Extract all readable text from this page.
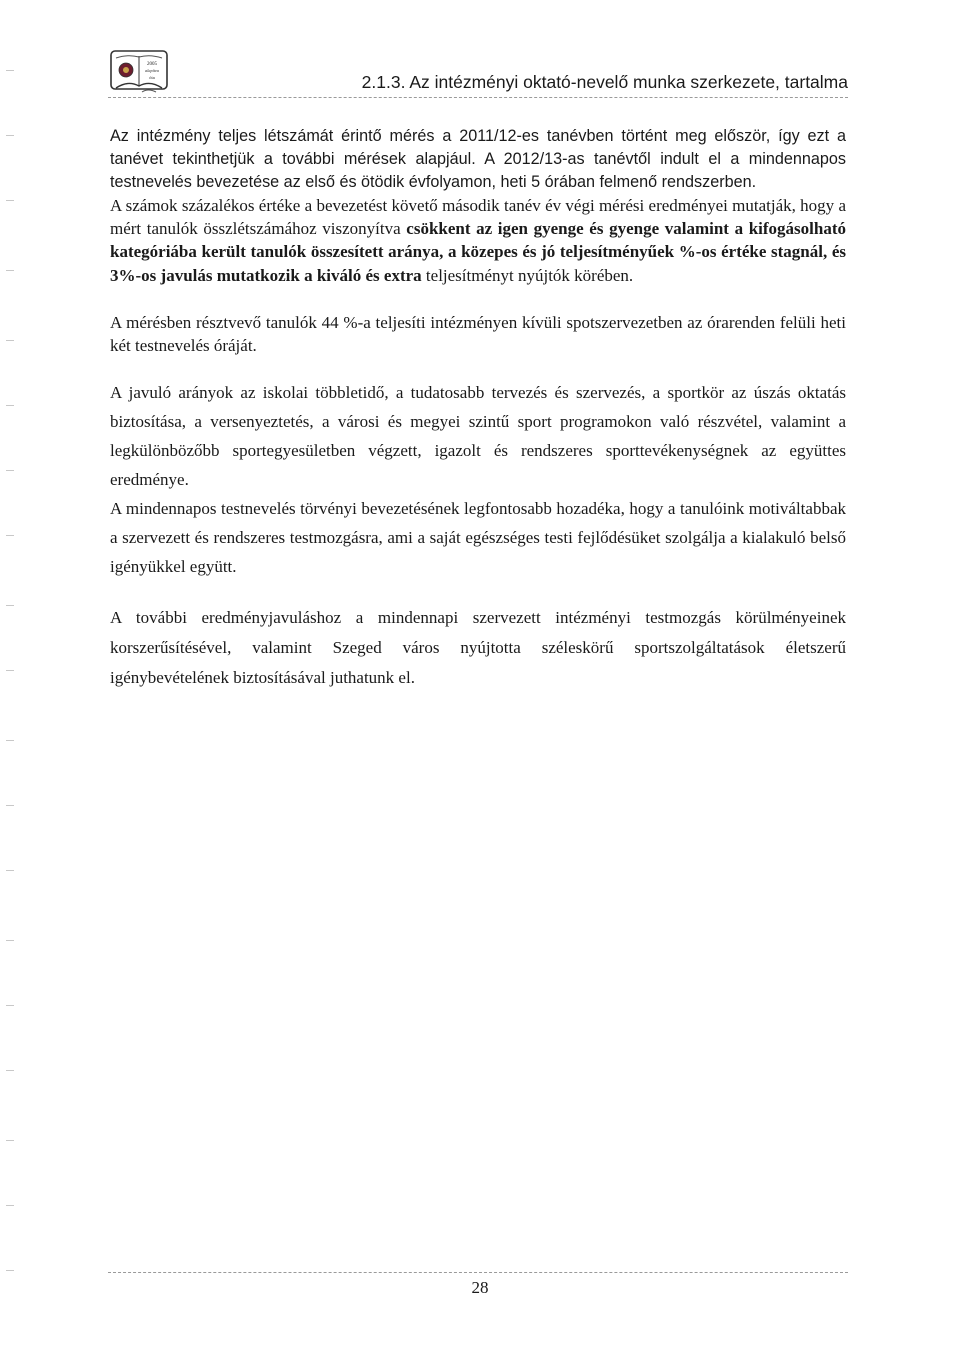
2005
alapítva
óta	2.1.3. Az intézményi oktató-nevelő munka szerkezete, tartalma

Az intézmény teljes létszámát érintő mérés a 2011/12-es tanévben történt meg először, így ezt a tanévet tekinthetjük a további mérések alapjául. A 2012/13-as tanévtől indult el a mindennapos testnevelés bevezetése az első és ötödik évfolyamon, heti 5 órában felmenő rendszerben.

A számok százalékos értéke a bevezetést követő második tanév év végi mérési eredményei mutatják, hogy a mért tanulók összlétszámához viszonyítva csökkent az igen gyenge és gyenge valamint a kifogásolható kategóriába került tanulók összesített aránya, a közepes és jó teljesítményűek %-os értéke stagnál, és 3%-os javulás mutatkozik a kiváló és extra teljesítményt nyújtók körében.

A mérésben résztvevő tanulók 44 %-a teljesíti intézményen kívüli spotszervezetben az órarenden felüli heti két testnevelés óráját.

A javuló arányok az iskolai többletidő, a tudatosabb tervezés és szervezés, a sportkör az úszás oktatás biztosítása, a versenyeztetés, a városi és megyei szintű sport programokon való részvétel, valamint a legkülönbözőbb sportegyesületben végzett, igazolt és rendszeres sporttevékenységnek az együttes eredménye.

A mindennapos testnevelés törvényi bevezetésének legfontosabb hozadéka, hogy a tanulóink motiváltabbak a szervezett és rendszeres testmozgásra, ami a saját egészséges testi fejlődésüket szolgálja a kialakuló belső igényükkel együtt.

A további eredményjavuláshoz a mindennapi szervezett intézményi testmozgás körülményeinek korszerűsítésével, valamint Szeged város nyújtotta széleskörű sportszolgáltatások életszerű igénybevételének biztosításával juthatunk el.

28
